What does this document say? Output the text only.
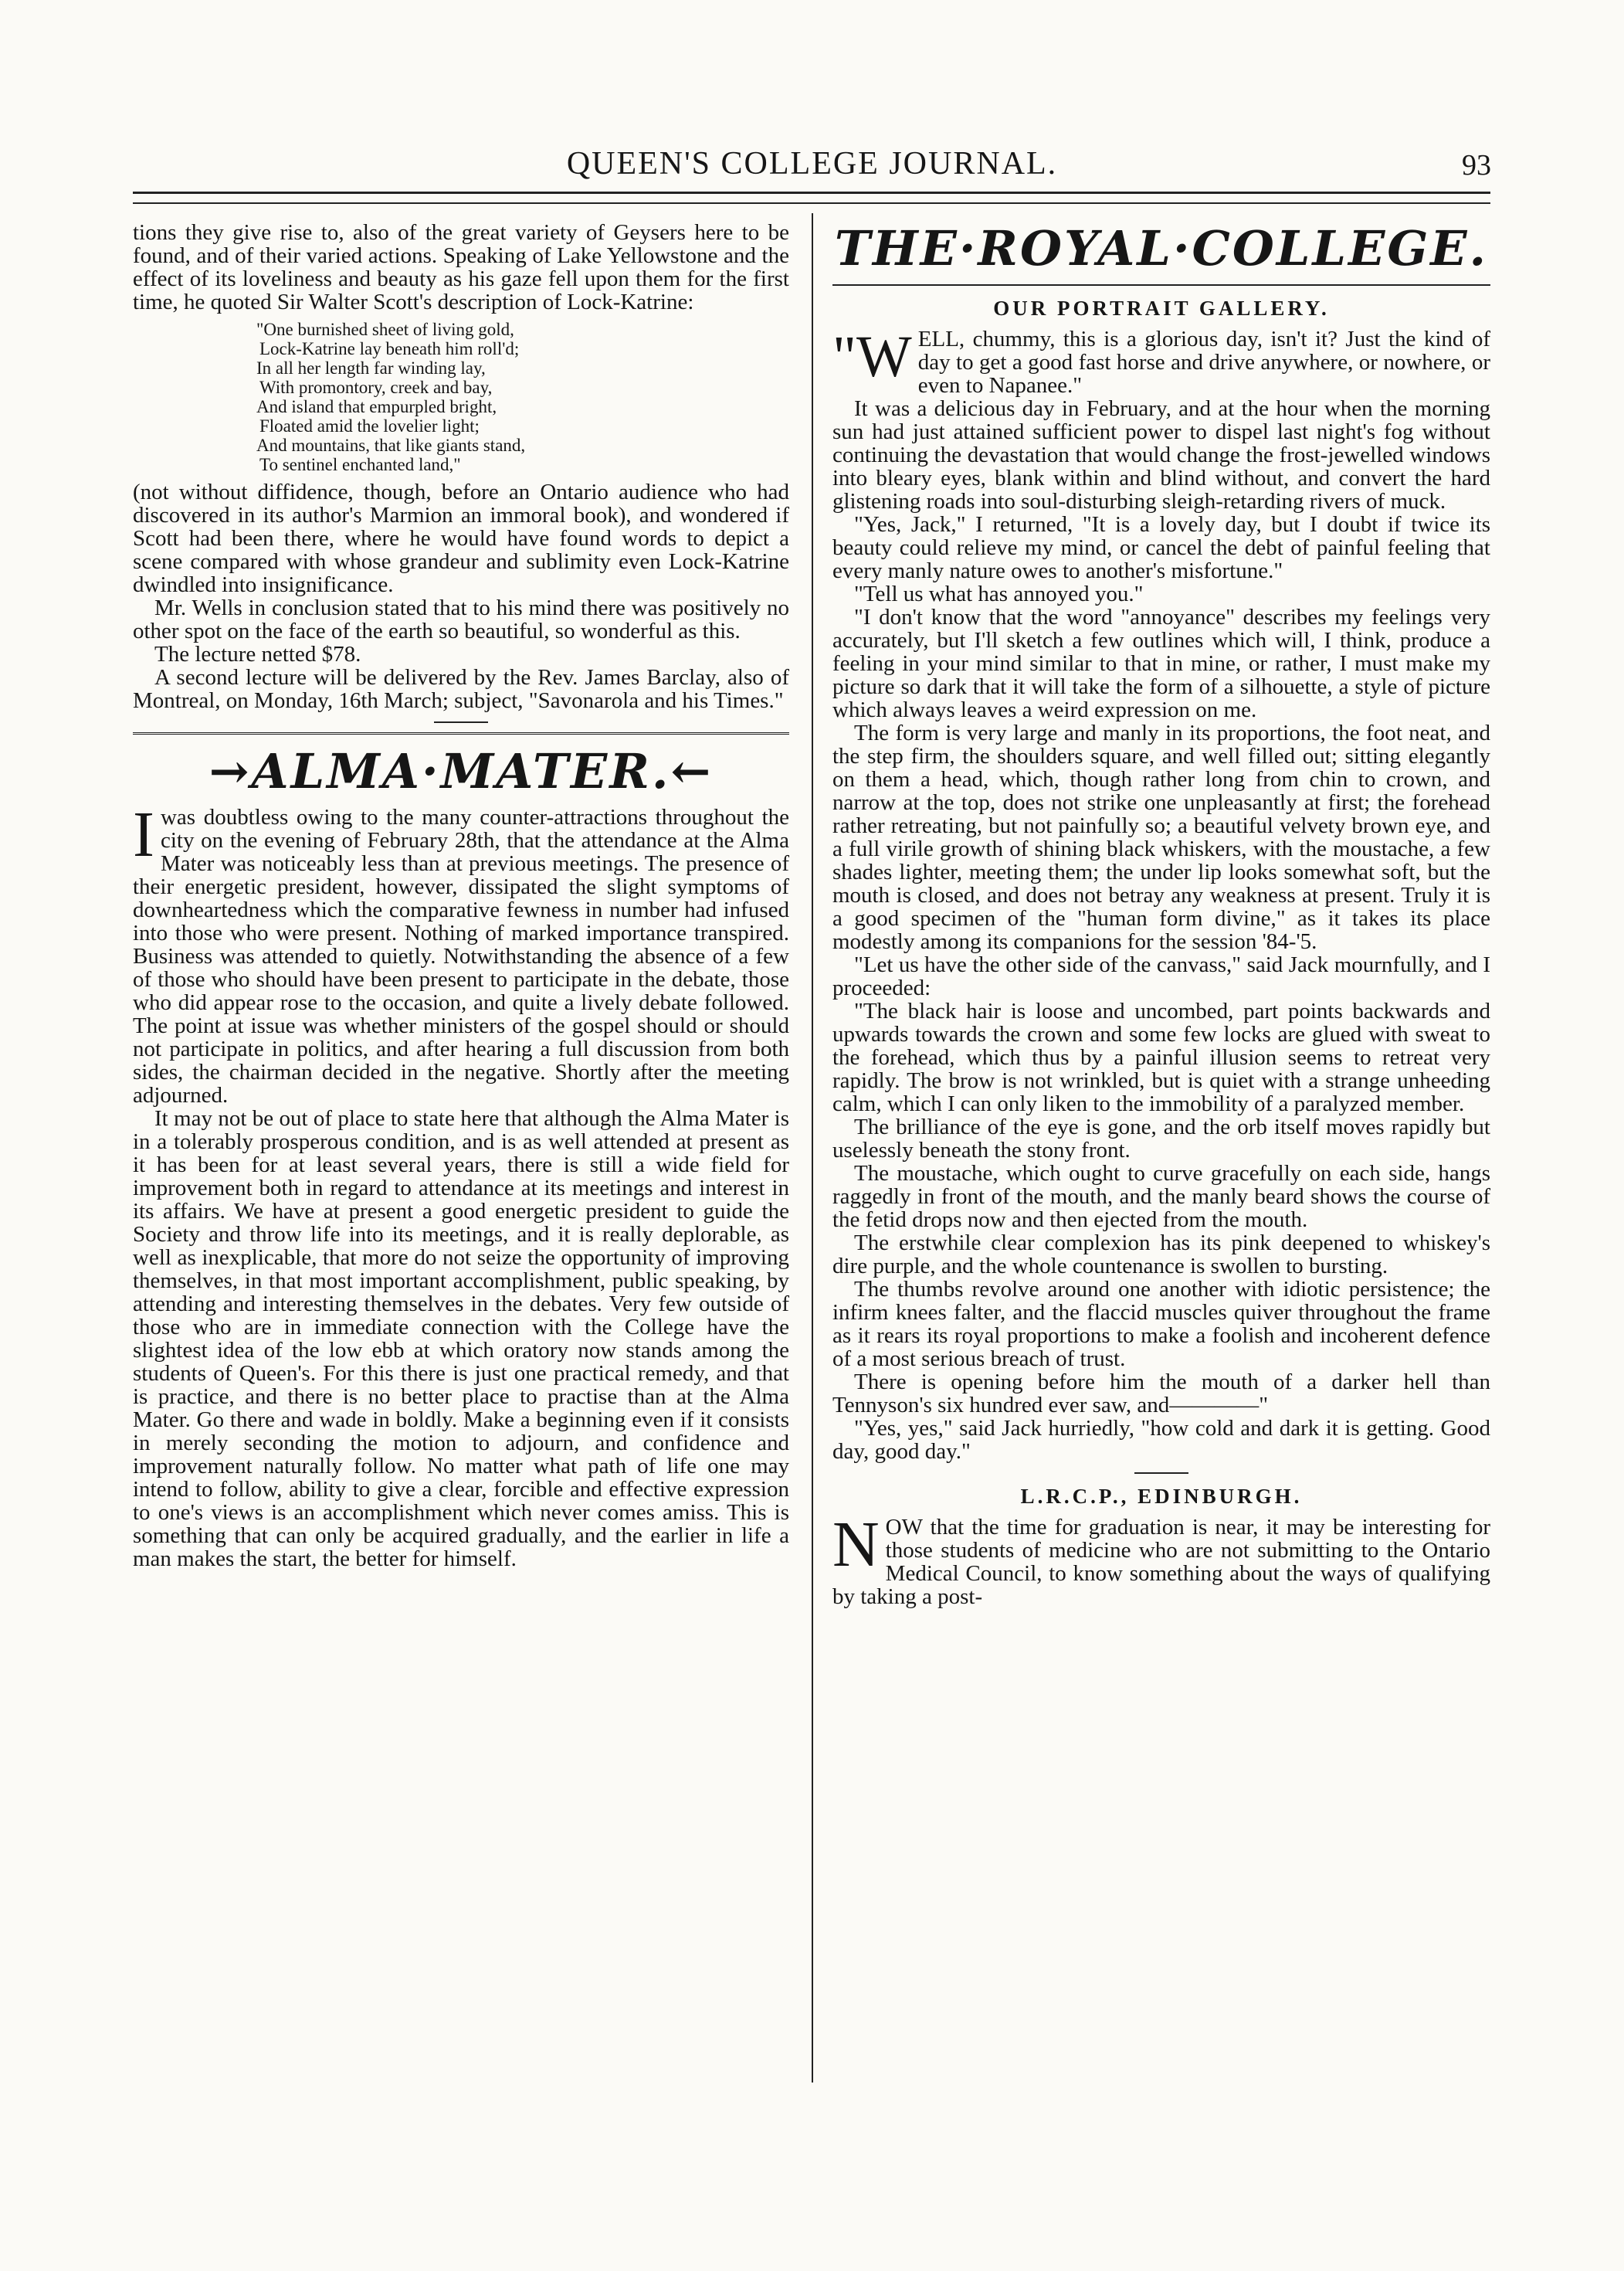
QUEEN'S COLLEGE JOURNAL.	93

tions they give rise to, also of the great variety of Geysers here to be found, and of their varied actions. Speaking of Lake Yellowstone and the effect of its loveliness and beauty as his gaze fell upon them for the first time, he quoted Sir Walter Scott's description of Lock-Katrine:

"One burnished sheet of living gold,
Lock-Katrine lay beneath him roll'd;
In all her length far winding lay,
With promontory, creek and bay,
And island that empurpled bright,
Floated amid the lovelier light;
And mountains, that like giants stand,
To sentinel enchanted land,"

(not without diffidence, though, before an Ontario audience who had discovered in its author's Marmion an immoral book), and wondered if Scott had been there, where he would have found words to depict a scene compared with whose grandeur and sublimity even Lock-Katrine dwindled into insignificance.

Mr. Wells in conclusion stated that to his mind there was positively no other spot on the face of the earth so beautiful, so wonderful as this.

The lecture netted $78.

A second lecture will be delivered by the Rev. James Barclay, also of Montreal, on Monday, 16th March; subject, "Savonarola and his Times."

→ALMA·MATER.←

Iwas doubtless owing to the many counter-attractions throughout the city on the evening of February 28th, that the attendance at the Alma Mater was noticeably less than at previous meetings. The presence of their energetic president, however, dissipated the slight symptoms of downheartedness which the comparative fewness in number had infused into those who were present. Nothing of marked importance transpired. Business was attended to quietly. Notwithstanding the absence of a few of those who should have been present to participate in the debate, those who did appear rose to the occasion, and quite a lively debate followed. The point at issue was whether ministers of the gospel should or should not participate in politics, and after hearing a full discussion from both sides, the chairman decided in the negative. Shortly after the meeting adjourned.

It may not be out of place to state here that although the Alma Mater is in a tolerably prosperous condition, and is as well attended at present as it has been for at least several years, there is still a wide field for improvement both in regard to attendance at its meetings and interest in its affairs. We have at present a good energetic president to guide the Society and throw life into its meetings, and it is really deplorable, as well as inexplicable, that more do not seize the opportunity of improving themselves, in that most important accomplishment, public speaking, by attending and interesting themselves in the debates. Very few outside of those who are in immediate connection with the College have the slightest idea of the low ebb at which oratory now stands among the students of Queen's. For this there is just one practical remedy, and that is practice, and there is no better place to practise than at the Alma Mater. Go there and wade in boldly. Make a beginning even if it consists in merely seconding the motion to adjourn, and confidence and improvement naturally follow. No matter what path of life one may intend to follow, ability to give a clear, forcible and effective expression to one's views is an accomplishment which never comes amiss. This is something that can only be acquired gradually, and the earlier in life a man makes the start, the better for himself.

THE·ROYAL·COLLEGE.
OUR PORTRAIT GALLERY.

"WELL, chummy, this is a glorious day, isn't it? Just the kind of day to get a good fast horse and drive anywhere, or nowhere, or even to Napanee."

It was a delicious day in February, and at the hour when the morning sun had just attained sufficient power to dispel last night's fog without continuing the devastation that would change the frost-jewelled windows into bleary eyes, blank within and blind without, and convert the hard glistening roads into soul-disturbing sleigh-retarding rivers of muck.

"Yes, Jack," I returned, "It is a lovely day, but I doubt if twice its beauty could relieve my mind, or cancel the debt of painful feeling that every manly nature owes to another's misfortune."

"Tell us what has annoyed you."

"I don't know that the word "annoyance" describes my feelings very accurately, but I'll sketch a few outlines which will, I think, produce a feeling in your mind similar to that in mine, or rather, I must make my picture so dark that it will take the form of a silhouette, a style of picture which always leaves a weird expression on me.

The form is very large and manly in its proportions, the foot neat, and the step firm, the shoulders square, and well filled out; sitting elegantly on them a head, which, though rather long from chin to crown, and narrow at the top, does not strike one unpleasantly at first; the forehead rather retreating, but not painfully so; a beautiful velvety brown eye, and a full virile growth of shining black whiskers, with the moustache, a few shades lighter, meeting them; the under lip looks somewhat soft, but the mouth is closed, and does not betray any weakness at present. Truly it is a good specimen of the "human form divine," as it takes its place modestly among its companions for the session '84-'5.

"Let us have the other side of the canvass," said Jack mournfully, and I proceeded:

"The black hair is loose and uncombed, part points backwards and upwards towards the crown and some few locks are glued with sweat to the forehead, which thus by a painful illusion seems to retreat very rapidly. The brow is not wrinkled, but is quiet with a strange unheeding calm, which I can only liken to the immobility of a paralyzed member.

The brilliance of the eye is gone, and the orb itself moves rapidly but uselessly beneath the stony front.

The moustache, which ought to curve gracefully on each side, hangs raggedly in front of the mouth, and the manly beard shows the course of the fetid drops now and then ejected from the mouth.

The erstwhile clear complexion has its pink deepened to whiskey's dire purple, and the whole countenance is swollen to bursting.

The thumbs revolve around one another with idiotic persistence; the infirm knees falter, and the flaccid muscles quiver throughout the frame as it rears its royal proportions to make a foolish and incoherent defence of a most serious breach of trust.

There is opening before him the mouth of a darker hell than Tennyson's six hundred ever saw, and————"

"Yes, yes," said Jack hurriedly, "how cold and dark it is getting. Good day, good day."

L.R.C.P., EDINBURGH.

NOW that the time for graduation is near, it may be interesting for those students of medicine who are not submitting to the Ontario Medical Council, to know something about the ways of qualifying by taking a post-
